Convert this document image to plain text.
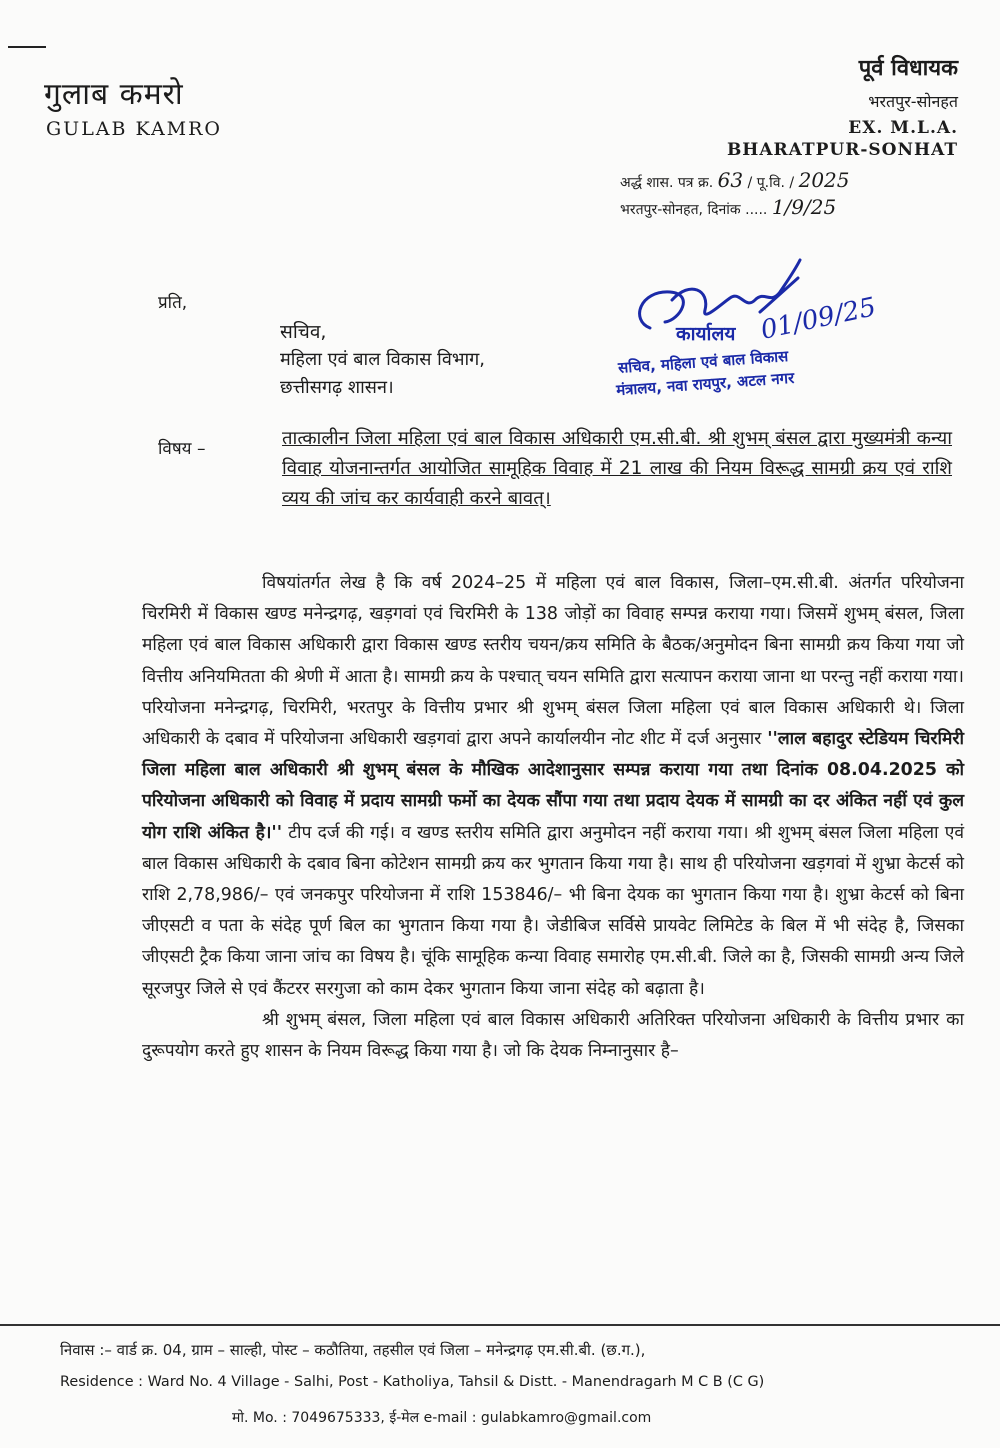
गुलाब कमरो
GULAB KAMRO
पूर्व विधायक
भरतपुर-सोनहत
EX. M.L.A.
BHARATPUR-SONHAT
अर्द्ध शास. पत्र क्र. 63 / पू.वि. / 2025
भरतपुर-सोनहत, दिनांक ..... 1/9/25
प्रति,
सचिव,
महिला एवं बाल विकास विभाग,
छत्तीसगढ़ शासन।
01/09/25
कार्यालय
सचिव, महिला एवं बाल विकास
मंत्रालय, नवा रायपुर, अटल नगर
विषय –	तात्कालीन जिला महिला एवं बाल विकास अधिकारी एम.सी.बी. श्री शुभम् बंसल द्वारा मुख्यमंत्री कन्या विवाह योजनान्तर्गत आयोजित सामूहिक विवाह में 21 लाख की नियम विरूद्ध सामग्री क्रय एवं राशि व्यय की जांच कर कार्यवाही करने बावत्।

विषयांतर्गत लेख है कि वर्ष 2024–25 में महिला एवं बाल विकास, जिला–एम.सी.बी. अंतर्गत परियोजना चिरमिरी में विकास खण्ड मनेन्द्रगढ़, खड़गवां एवं चिरमिरी के 138 जोड़ों का विवाह सम्पन्न कराया गया। जिसमें शुभम् बंसल, जिला महिला एवं बाल विकास अधिकारी द्वारा विकास खण्ड स्तरीय चयन/क्रय समिति के बैठक/अनुमोदन बिना सामग्री क्रय किया गया जो वित्तीय अनियमितता की श्रेणी में आता है। सामग्री क्रय के पश्चात् चयन समिति द्वारा सत्यापन कराया जाना था परन्तु नहीं कराया गया। परियोजना मनेन्द्रगढ़, चिरमिरी, भरतपुर के वित्तीय प्रभार श्री शुभम् बंसल जिला महिला एवं बाल विकास अधिकारी थे। जिला अधिकारी के दबाव में परियोजना अधिकारी खड़गवां द्वारा अपने कार्यालयीन नोट शीट में दर्ज अनुसार ''लाल बहादुर स्टेडियम चिरमिरी जिला महिला बाल अधिकारी श्री शुभम् बंसल के मौखिक आदेशानुसार सम्पन्न कराया गया तथा दिनांक 08.04.2025 को परियोजना अधिकारी को विवाह में प्रदाय सामग्री फर्मो का देयक सौंपा गया तथा प्रदाय देयक में सामग्री का दर अंकित नहीं एवं कुल योग राशि अंकित है।'' टीप दर्ज की गई। व खण्ड स्तरीय समिति द्वारा अनुमोदन नहीं कराया गया। श्री शुभम् बंसल जिला महिला एवं बाल विकास अधिकारी के दबाव बिना कोटेशन सामग्री क्रय कर भुगतान किया गया है। साथ ही परियोजना खड़गवां में शुभ्रा केटर्स को राशि 2,78,986/– एवं जनकपुर परियोजना में राशि 153846/– भी बिना देयक का भुगतान किया गया है। शुभ्रा केटर्स को बिना जीएसटी व पता के संदेह पूर्ण बिल का भुगतान किया गया है। जेडीबिज सर्विसे प्रायवेट लिमिटेड के बिल में भी संदेह है, जिसका जीएसटी ट्रैक किया जाना जांच का विषय है। चूंकि सामूहिक कन्या विवाह समारोह एम.सी.बी. जिले का है, जिसकी सामग्री अन्य जिले सूरजपुर जिले से एवं कैंटरर सरगुजा को काम देकर भुगतान किया जाना संदेह को बढ़ाता है।

श्री शुभम् बंसल, जिला महिला एवं बाल विकास अधिकारी अतिरिक्त परियोजना अधिकारी के वित्तीय प्रभार का दुरूपयोग करते हुए शासन के नियम विरूद्ध किया गया है। जो कि देयक निम्नानुसार है–

निवास :– वार्ड क्र. 04, ग्राम – साल्ही, पोस्ट – कठौतिया, तहसील एवं जिला – मनेन्द्रगढ़ एम.सी.बी. (छ.ग.),
Residence : Ward No. 4 Village - Salhi, Post - Katholiya, Tahsil & Distt. - Manendragarh M C B (C G)
मो. Mo. : 7049675333, ई-मेल e-mail : gulabkamro@gmail.com
